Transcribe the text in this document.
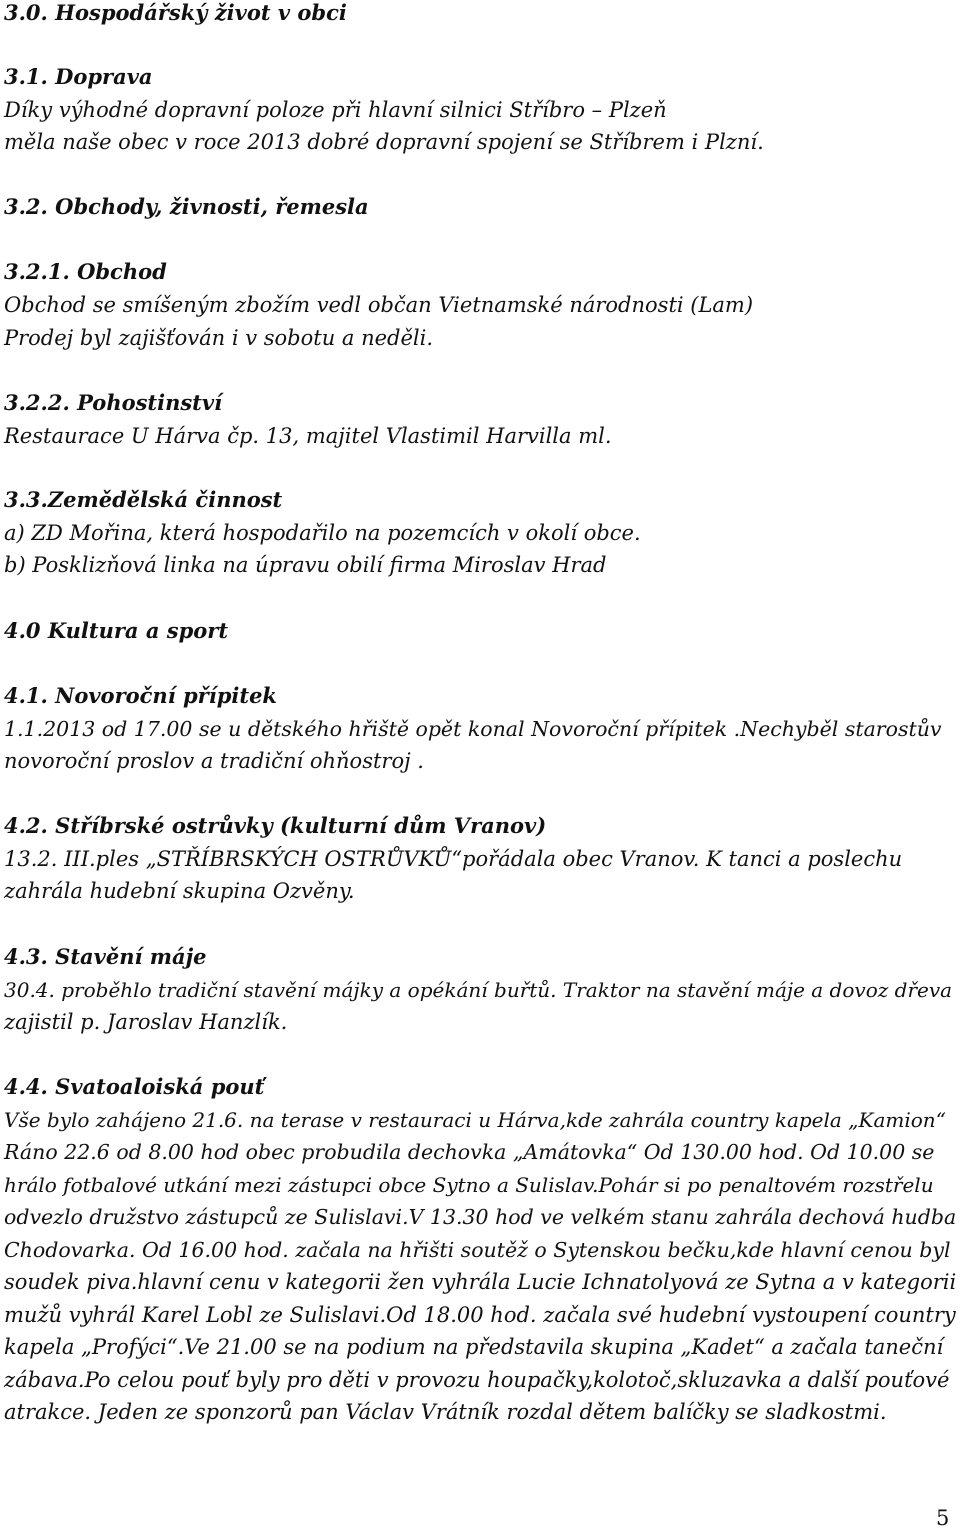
3.0. Hospodářský život v obci
3.1. Doprava
Díky výhodné dopravní poloze při hlavní silnici Stříbro – Plzeň
měla naše obec v roce 2013 dobré dopravní spojení se Stříbrem i Plzní.
3.2. Obchody, živnosti, řemesla
3.2.1. Obchod
Obchod se smíšeným zbožím vedl občan Vietnamské národnosti (Lam)
Prodej byl zajišťován i v sobotu a neděli.
3.2.2. Pohostinství
Restaurace U Hárva čp. 13, majitel Vlastimil Harvilla ml.
3.3.Zemědělská činnost
a) ZD Mořina, která hospodařilo na pozemcích v okolí obce.
b) Posklizňová linka na úpravu obilí firma Miroslav Hrad
4.0 Kultura a sport
4.1. Novoroční přípitek
1.1.2013 od 17.00 se u dětského hřiště opět konal Novoroční přípitek .Nechyběl starostův
novoroční proslov a tradiční ohňostroj .
4.2. Stříbrské ostrůvky (kulturní dům Vranov)
13.2. III.ples „STŘÍBRSKÝCH OSTRŮVKŮ“pořádala obec Vranov. K tanci a poslechu
zahrála hudební skupina Ozvěny.
4.3. Stavění máje
30.4. proběhlo tradiční stavění májky a opékání buřtů. Traktor na stavění máje a dovoz dřeva
zajistil p. Jaroslav Hanzlík.
4.4. Svatoaloiská pouť
Vše bylo zahájeno 21.6. na terase v restauraci u Hárva,kde zahrála country kapela „Kamion“
Ráno 22.6 od 8.00 hod obec probudila dechovka „Amátovka“ Od 130.00 hod. Od 10.00 se
hrálo fotbalové utkání mezi zástupci obce Sytno a Sulislav.Pohár si po penaltovém rozstřelu
odvezlo družstvo zástupců ze Sulislavi.V 13.30 hod ve velkém stanu zahrála dechová hudba
Chodovarka. Od 16.00 hod. začala na hřišti soutěž o Sytenskou bečku,kde hlavní cenou byl
soudek piva.hlavní cenu v kategorii žen vyhrála Lucie Ichnatolyová ze Sytna a v kategorii
mužů vyhrál Karel Lobl ze Sulislavi.Od 18.00 hod. začala své hudební vystoupení country
kapela „Profýci“.Ve 21.00 se na podium na představila skupina „Kadet“ a začala taneční
zábava.Po celou pouť byly pro děti v provozu houpačky,kolotoč,skluzavka a další pouťové
atrakce. Jeden ze sponzorů pan Václav Vrátník rozdal dětem balíčky se sladkostmi.
5
